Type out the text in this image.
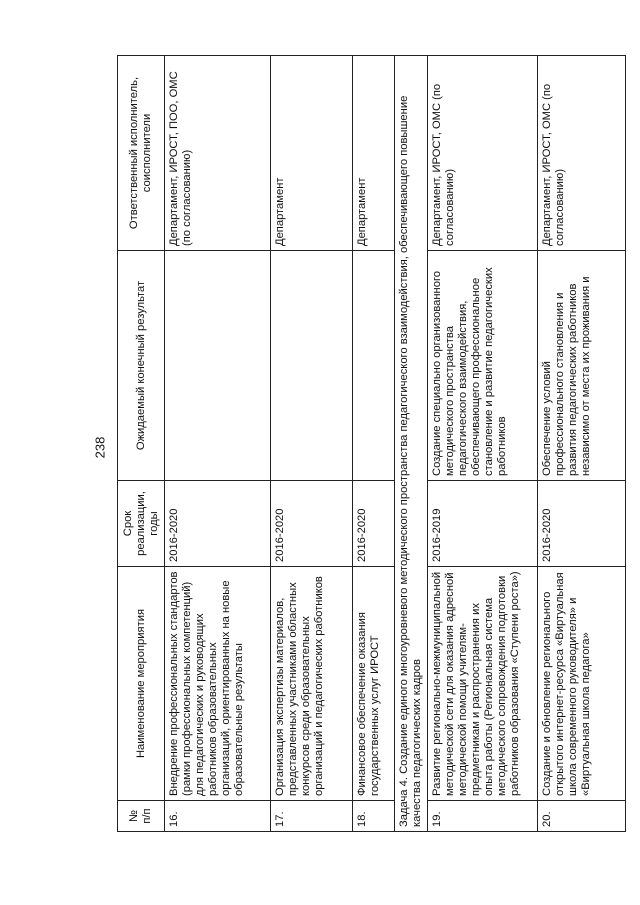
238
№ п/п	Наименование мероприятия	Срок реализации, годы	Ожидаемый конечный результат	Ответственный исполнитель, соисполнители
16.	Внедрение профессиональных стандартов (рамки профессиональных компетенций) для педагогических и руководящих работников образовательных организаций, ориентированных на новые образовательные результаты	2016-2020		Департамент, ИРОСТ, ПОО, ОМС (по согласованию)
17.	Организация экспертизы материалов, представленных участниками областных конкурсов среди образовательных организаций и педагогических работников	2016-2020		Департамент
18.	Финансовое обеспечение оказания государственных услуг ИРОСТ	2016-2020		Департамент
Задача 4. Создание единого многоуровневого методического пространства педагогического взаимодействия, обеспечивающего повышение качества педагогических кадров				
19.	Развитие регионально-межмуниципальной методической сети для оказания адресной методической помощи учителям-предметникам и распространения их опыта работы (Региональная система методического сопровождения подготовки работников образования «Ступени роста»)	2016-2019	Создание специально организованного методического пространства педагогического взаимодействия, обеспечивающего профессиональное становление и развитие педагогических работников	Департамент, ИРОСТ, ОМС (по согласованию)
20.	Создание и обновление регионального открытого интернет-ресурса «Виртуальная школа современного руководителя» и «Виртуальная школа педагога»	2016-2020	Обеспечение условий профессионального становления и развития педагогических работников независимо от места их проживания и	Департамент, ИРОСТ, ОМС (по согласованию)
